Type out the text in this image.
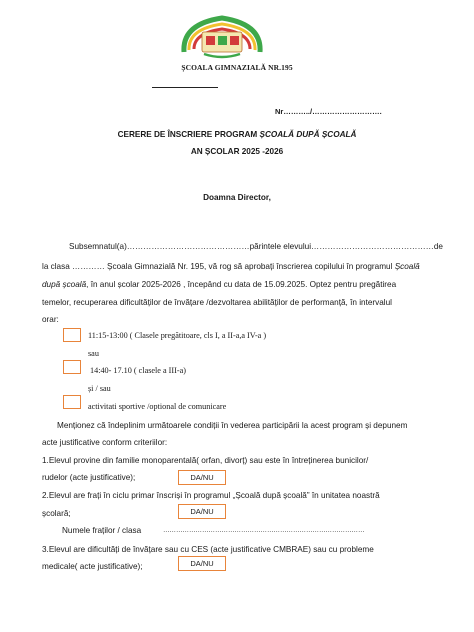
ȘCOALA GIMNAZIALĂ NR.195
Nr………../……………………….
CERERE DE ÎNSCRIERE PROGRAM ȘCOALĂ DUPĂ ȘCOALĂ
AN ȘCOLAR 2025 -2026
Doamna Director,
Subsemnatul(a)………………………………………părintele elevului………………………………………de
la clasa ………… Școala Gimnazială Nr. 195, vă rog să aprobați înscrierea copilului în programul Școală
după școală, în anul școlar 2025-2026 , începând cu data de 15.09.2025. Optez pentru pregătirea
temelor, recuperarea dificultăților de învățare /dezvoltarea abilităților de performanță, în intervalul
orar:
11:15-13:00 ( Clasele pregătitoare, cls I, a II-a,a IV-a )
sau
14:40- 17.10 ( clasele a III-a)
și / sau
activitati sportive /optional de comunicare
Menționez că îndeplinim următoarele condiții în vederea participării la acest program și depunem
acte justificative conform criteriilor:
1.Elevul provine din familie monoparentală( orfan, divorț) sau este în întreținerea bunicilor/
rudelor (acte justificative);	DA/NU
2.Elevul are frați în ciclu primar înscriși în programul „Școală după școală” în unitatea noastră
școlară;	DA/NU
Numele fraților / clasa	…………………………………………………………………………………
3.Elevul are dificultăți de învățare sau cu CES (acte justificative CMBRAE) sau cu probleme
medicale( acte justificative);	DA/NU
